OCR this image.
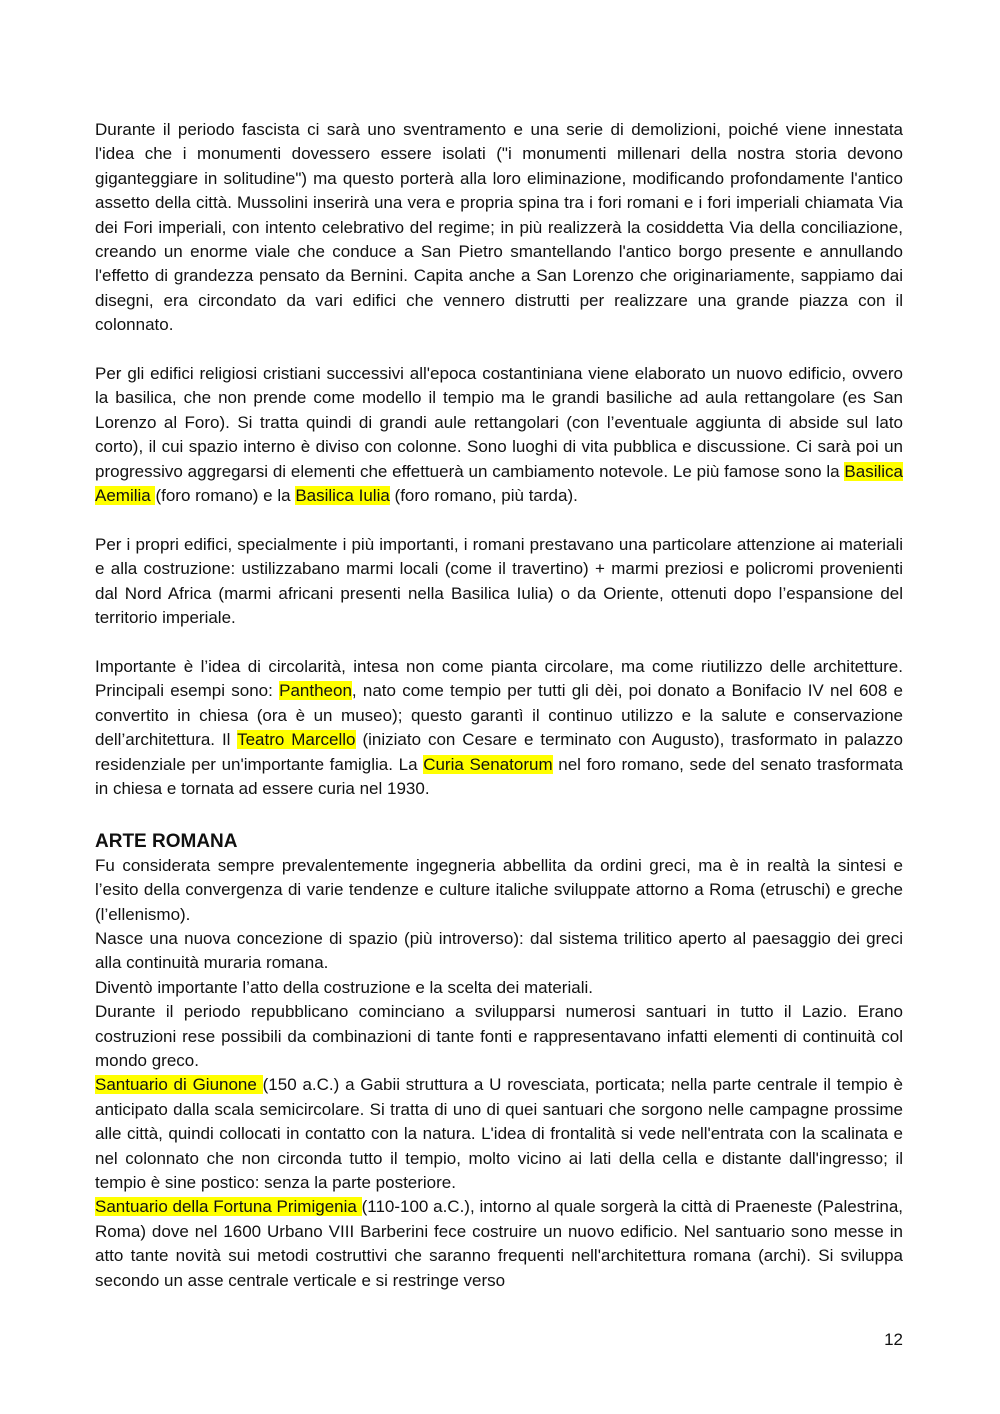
Durante il periodo fascista ci sarà uno sventramento e una serie di demolizioni, poiché viene innestata l'idea che i monumenti dovessero essere isolati ("i monumenti millenari della nostra storia devono giganteggiare in solitudine") ma questo porterà alla loro eliminazione, modificando profondamente l'antico assetto della città. Mussolini inserirà una vera e propria spina tra i fori romani e i fori imperiali chiamata Via dei Fori imperiali, con intento celebrativo del regime; in più realizzerà la cosiddetta Via della conciliazione, creando un enorme viale che conduce a San Pietro smantellando l'antico borgo presente e annullando l'effetto di grandezza pensato da Bernini. Capita anche a San Lorenzo che originariamente, sappiamo dai disegni, era circondato da vari edifici che vennero distrutti per realizzare una grande piazza con il colonnato.

Per gli edifici religiosi cristiani successivi all'epoca costantiniana viene elaborato un nuovo edificio, ovvero la basilica, che non prende come modello il tempio ma le grandi basiliche ad aula rettangolare (es San Lorenzo al Foro). Si tratta quindi di grandi aule rettangolari (con l’eventuale aggiunta di abside sul lato corto), il cui spazio interno è diviso con colonne. Sono luoghi di vita pubblica e discussione. Ci sarà poi un progressivo aggregarsi di elementi che effettuerà un cambiamento notevole. Le più famose sono la Basilica Aemilia (foro romano) e la Basilica Iulia (foro romano, più tarda).

Per i propri edifici, specialmente i più importanti, i romani prestavano una particolare attenzione ai materiali e alla costruzione: ustilizzabano marmi locali (come il travertino) + marmi preziosi e policromi provenienti dal Nord Africa (marmi africani presenti nella Basilica Iulia) o da Oriente, ottenuti dopo l’espansione del territorio imperiale.

Importante è l’idea di circolarità, intesa non come pianta circolare, ma come riutilizzo delle architetture. Principali esempi sono: Pantheon, nato come tempio per tutti gli dèi, poi donato a Bonifacio IV nel 608 e convertito in chiesa (ora è un museo); questo garantì il continuo utilizzo e la salute e conservazione dell’architettura. Il Teatro Marcello (iniziato con Cesare e terminato con Augusto), trasformato in palazzo residenziale per un'importante famiglia. La Curia Senatorum nel foro romano, sede del senato trasformata in chiesa e tornata ad essere curia nel 1930.

ARTE ROMANA

Fu considerata sempre prevalentemente ingegneria abbellita da ordini greci, ma è in realtà la sintesi e l’esito della convergenza di varie tendenze e culture italiche sviluppate attorno a Roma (etruschi) e greche (l’ellenismo).

Nasce una nuova concezione di spazio (più introverso): dal sistema trilitico aperto al paesaggio dei greci alla continuità muraria romana.

Diventò importante l’atto della costruzione e la scelta dei materiali.

Durante il periodo repubblicano cominciano a svilupparsi numerosi santuari in tutto il Lazio. Erano costruzioni rese possibili da combinazioni di tante fonti e rappresentavano infatti elementi di continuità col mondo greco.

Santuario di Giunone (150 a.C.) a Gabii struttura a U rovesciata, porticata; nella parte centrale il tempio è anticipato dalla scala semicircolare. Si tratta di uno di quei santuari che sorgono nelle campagne prossime alle città, quindi collocati in contatto con la natura. L'idea di frontalità si vede nell'entrata con la scalinata e nel colonnato che non circonda tutto il tempio, molto vicino ai lati della cella e distante dall'ingresso; il tempio è sine postico: senza la parte posteriore.

Santuario della Fortuna Primigenia (110-100 a.C.), intorno al quale sorgerà la città di Praeneste (Palestrina, Roma) dove nel 1600 Urbano VIII Barberini fece costruire un nuovo edificio. Nel santuario sono messe in atto tante novità sui metodi costruttivi che saranno frequenti nell'architettura romana (archi). Si sviluppa secondo un asse centrale verticale e si restringe verso

12
